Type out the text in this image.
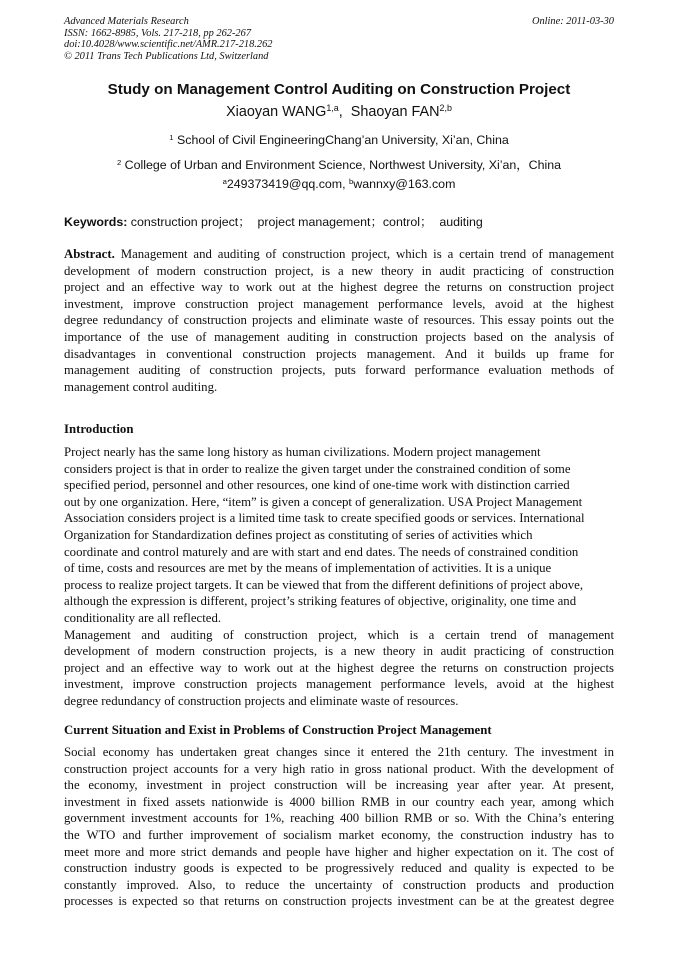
Advanced Materials Research
ISSN: 1662-8985, Vols. 217-218, pp 262-267
doi:10.4028/www.scientific.net/AMR.217-218.262
© 2011 Trans Tech Publications Ltd, Switzerland
Online: 2011-03-30
Study on Management Control Auditing on Construction Project
Xiaoyan WANG$^{1,a}$,  Shaoyan FAN$^{2,b}$
$^1$ School of Civil EngineeringChang’an University, Xi’an, China
$^2$ College of Urban and Environment Science, Northwest University, Xi’an，China
$^a$249373419@qq.com, $^b$wannxy@163.com
Keywords: construction project；  project management；control；  auditing
Abstract. Management and auditing of construction project, which is a certain trend of management
development of modern construction project, is a new theory in audit practicing of construction
project and an effective way to work out at the highest degree the returns on construction project
investment, improve construction project management performance levels, avoid at the highest
degree redundancy of construction projects and eliminate waste of resources. This essay points out the
importance of the use of management auditing in construction projects based on the analysis of
disadvantages in conventional construction projects management. And it builds up frame for
management auditing of construction projects, puts forward performance evaluation methods of
management control auditing.
Introduction
Project nearly has the same long history as human civilizations. Modern project management
considers project is that in order to realize the given target under the constrained condition of some
specified period, personnel and other resources, one kind of one-time work with distinction carried
out by one organization. Here, “item” is given a concept of generalization. USA Project Management
Association considers project is a limited time task to create specified goods or services. International
Organization for Standardization defines project as constituting of series of activities which
coordinate and control maturely and are with start and end dates. The needs of constrained condition
of time, costs and resources are met by the means of implementation of activities. It is a unique
process to realize project targets. It can be viewed that from the different definitions of project above,
although the expression is different, project’s striking features of objective, originality, one time and
conditionality are all reflected.
Management and auditing of construction project, which is a certain trend of management
development of modern construction projects, is a new theory in audit practicing of construction
project and an effective way to work out at the highest degree the returns on construction projects
investment, improve construction projects management performance levels, avoid at the highest
degree redundancy of construction projects and eliminate waste of resources.
Current Situation and Exist in Problems of Construction Project Management
Social economy has undertaken great changes since it entered the 21th century. The investment in
construction project accounts for a very high ratio in gross national product. With the development of
the economy, investment in project construction will be increasing year after year. At present,
investment in fixed assets nationwide is 4000 billion RMB in our country each year, among which
government investment accounts for 1%, reaching 400 billion RMB or so. With the China’s entering
the WTO and further improvement of socialism market economy, the construction industry has to
meet more and more strict demands and people have higher and higher expectation on it. The cost of
construction industry goods is expected to be progressively reduced and quality is expected to be
constantly improved. Also, to reduce the uncertainty of construction products and production
processes is expected so that returns on construction projects investment can be at the greatest degree
